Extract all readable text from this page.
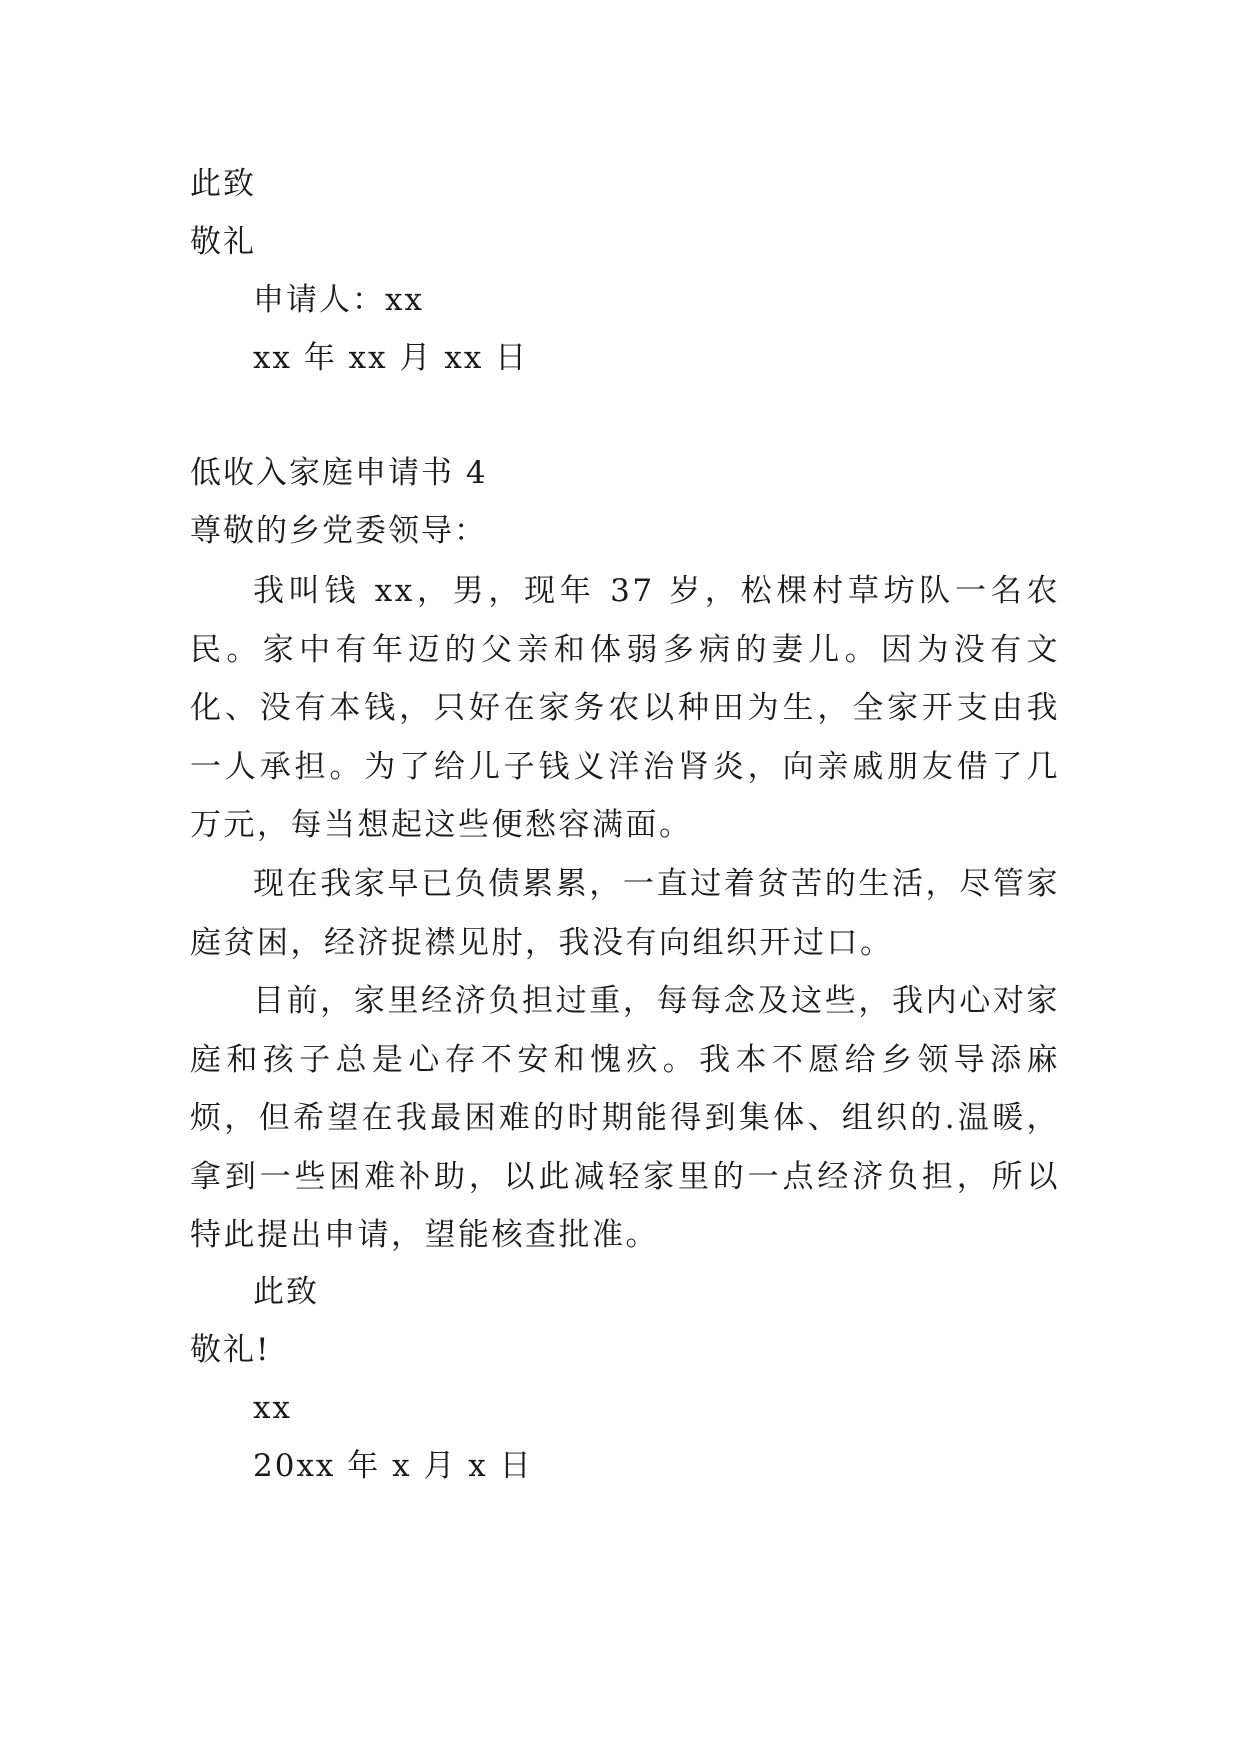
此致

敬礼

申请人：xx

xx 年 xx 月 xx 日

低收入家庭申请书 4

尊敬的乡党委领导：

我叫钱 xx，男，现年 37 岁，松棵村草坊队一名农民。家中有年迈的父亲和体弱多病的妻儿。因为没有文化、没有本钱，只好在家务农以种田为生，全家开支由我一人承担。为了给儿子钱义洋治肾炎，向亲戚朋友借了几万元，每当想起这些便愁容满面。

现在我家早已负债累累，一直过着贫苦的生活，尽管家庭贫困，经济捉襟见肘，我没有向组织开过口。

目前，家里经济负担过重，每每念及这些，我内心对家庭和孩子总是心存不安和愧疚。我本不愿给乡领导添麻烦，但希望在我最困难的时期能得到集体、组织的.温暖，拿到一些困难补助，以此减轻家里的一点经济负担，所以特此提出申请，望能核查批准。

此致

敬礼!

xx

20xx 年 x 月 x 日
